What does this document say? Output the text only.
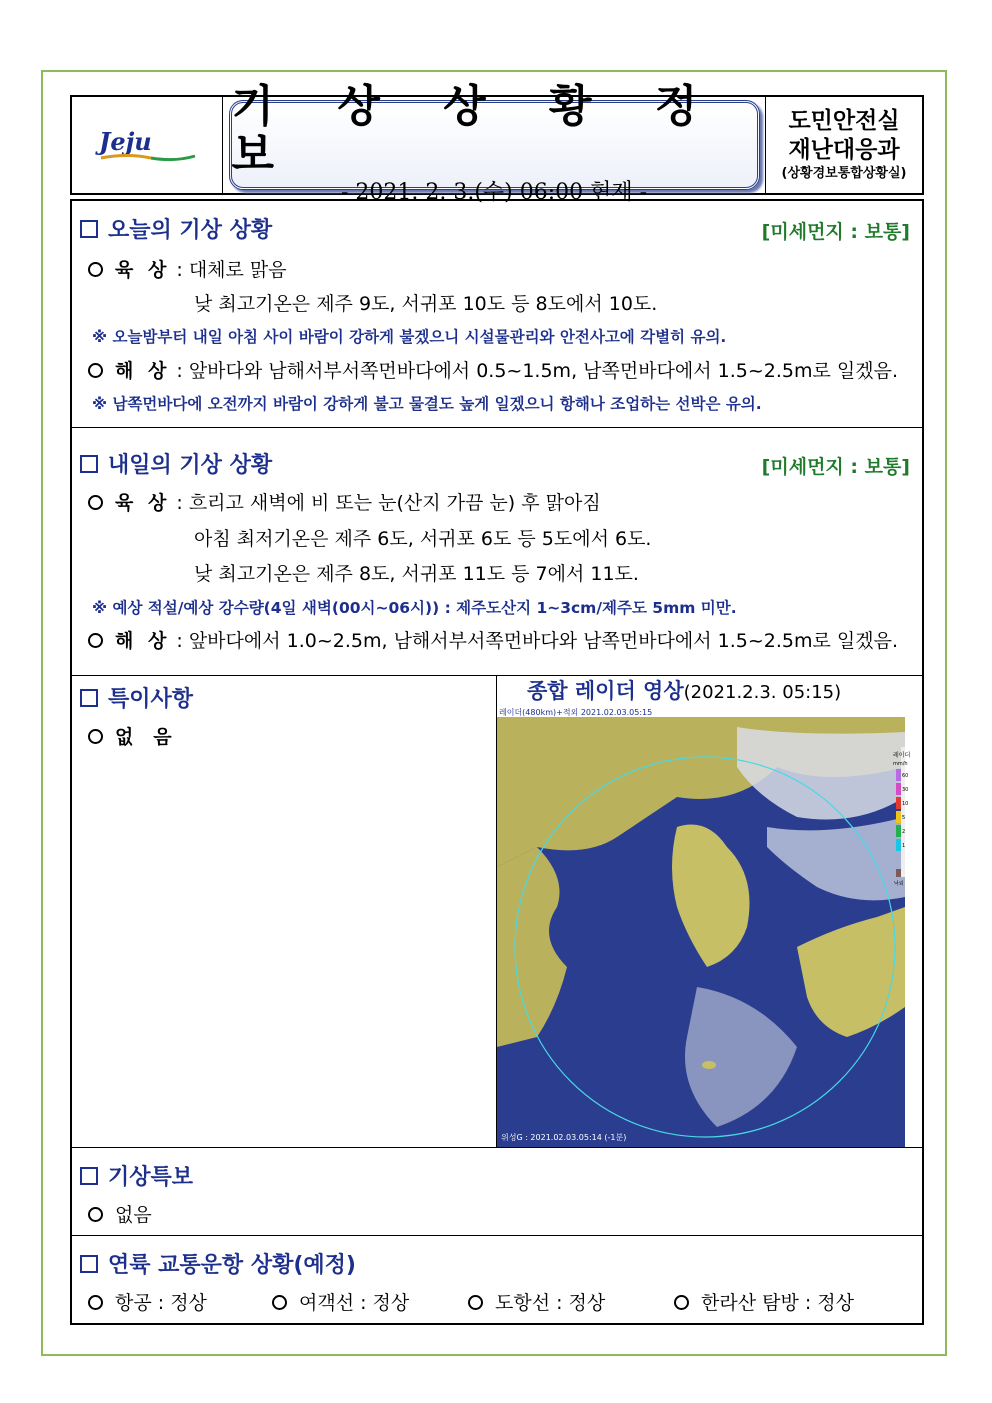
Jeju
기 상 상 황 정 보
- 2021. 2. 3.(수) 06:00 현재 -
도민안전실
재난대응과
(상황경보통합상황실)
오늘의 기상 상황	[미세먼지 : 보통]
육 상 : 대체로 맑음
낮 최고기온은 제주 9도, 서귀포 10도 등 8도에서 10도.
※ 오늘밤부터 내일 아침 사이 바람이 강하게 불겠으니 시설물관리와 안전사고에 각별히 유의.
해 상 : 앞바다와 남해서부서쪽먼바다에서 0.5~1.5m, 남쪽먼바다에서 1.5~2.5m로 일겠음.
※ 남쪽먼바다에 오전까지 바람이 강하게 불고 물결도 높게 일겠으니 항해나 조업하는 선박은 유의.
내일의 기상 상황	[미세먼지 : 보통]
육 상 : 흐리고 새벽에 비 또는 눈(산지 가끔 눈) 후 맑아짐
아침 최저기온은 제주 6도, 서귀포 6도 등 5도에서 6도.
낮 최고기온은 제주 8도, 서귀포 11도 등 7에서 11도.
※ 예상 적설/예상 강수량(4일 새벽(00시~06시)) : 제주도산지 1~3cm/제주도 5mm 미만.
해 상 : 앞바다에서 1.0~2.5m, 남해서부서쪽먼바다와 남쪽먼바다에서 1.5~2.5m로 일겠음.
특이사항
없   음
종합 레이더 영상(2021.2.3. 05:15)
레이더(480km)+적외 2021.02.03.05:15
위성G : 2021.02.03.05:14 (-1분)
레이더
mm/h
60
30
10
5
2
1
낙뢰
기상특보
없음
연륙 교통운항 상황(예정)
항공 : 정상	여객선 : 정상	도항선 : 정상	한라산 탐방 : 정상
